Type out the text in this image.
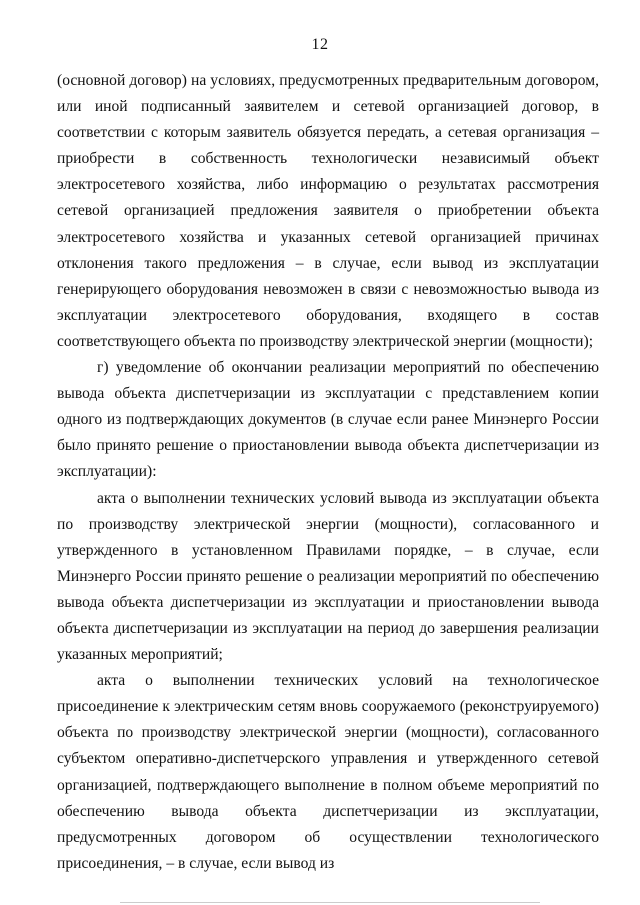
12

(основной договор) на условиях, предусмотренных предварительным договором, или иной подписанный заявителем и сетевой организацией договор, в соответствии с которым заявитель обязуется передать, а сетевая организация – приобрести в собственность технологически независимый объект электросетевого хозяйства, либо информацию о результатах рассмотрения сетевой организацией предложения заявителя о приобретении объекта электросетевого хозяйства и указанных сетевой организацией причинах отклонения такого предложения – в случае, если вывод из эксплуатации генерирующего оборудования невозможен в связи с невозможностью вывода из эксплуатации электросетевого оборудования, входящего в состав соответствующего объекта по производству электрической энергии (мощности);

г) уведомление об окончании реализации мероприятий по обеспечению вывода объекта диспетчеризации из эксплуатации с представлением копии одного из подтверждающих документов (в случае если ранее Минэнерго России было принято решение о приостановлении вывода объекта диспетчеризации из эксплуатации):

акта о выполнении технических условий вывода из эксплуатации объекта по производству электрической энергии (мощности), согласованного и утвержденного в установленном Правилами порядке, – в случае, если Минэнерго России принято решение о реализации мероприятий по обеспечению вывода объекта диспетчеризации из эксплуатации и приостановлении вывода объекта диспетчеризации из эксплуатации на период до завершения реализации указанных мероприятий;

акта о выполнении технических условий на технологическое присоединение к электрическим сетям вновь сооружаемого (реконструируемого) объекта по производству электрической энергии (мощности), согласованного субъектом оперативно-диспетчерского управления и утвержденного сетевой организацией, подтверждающего выполнение в полном объеме мероприятий по обеспечению вывода объекта диспетчеризации из эксплуатации, предусмотренных договором об осуществлении технологического присоединения, – в случае, если вывод из
